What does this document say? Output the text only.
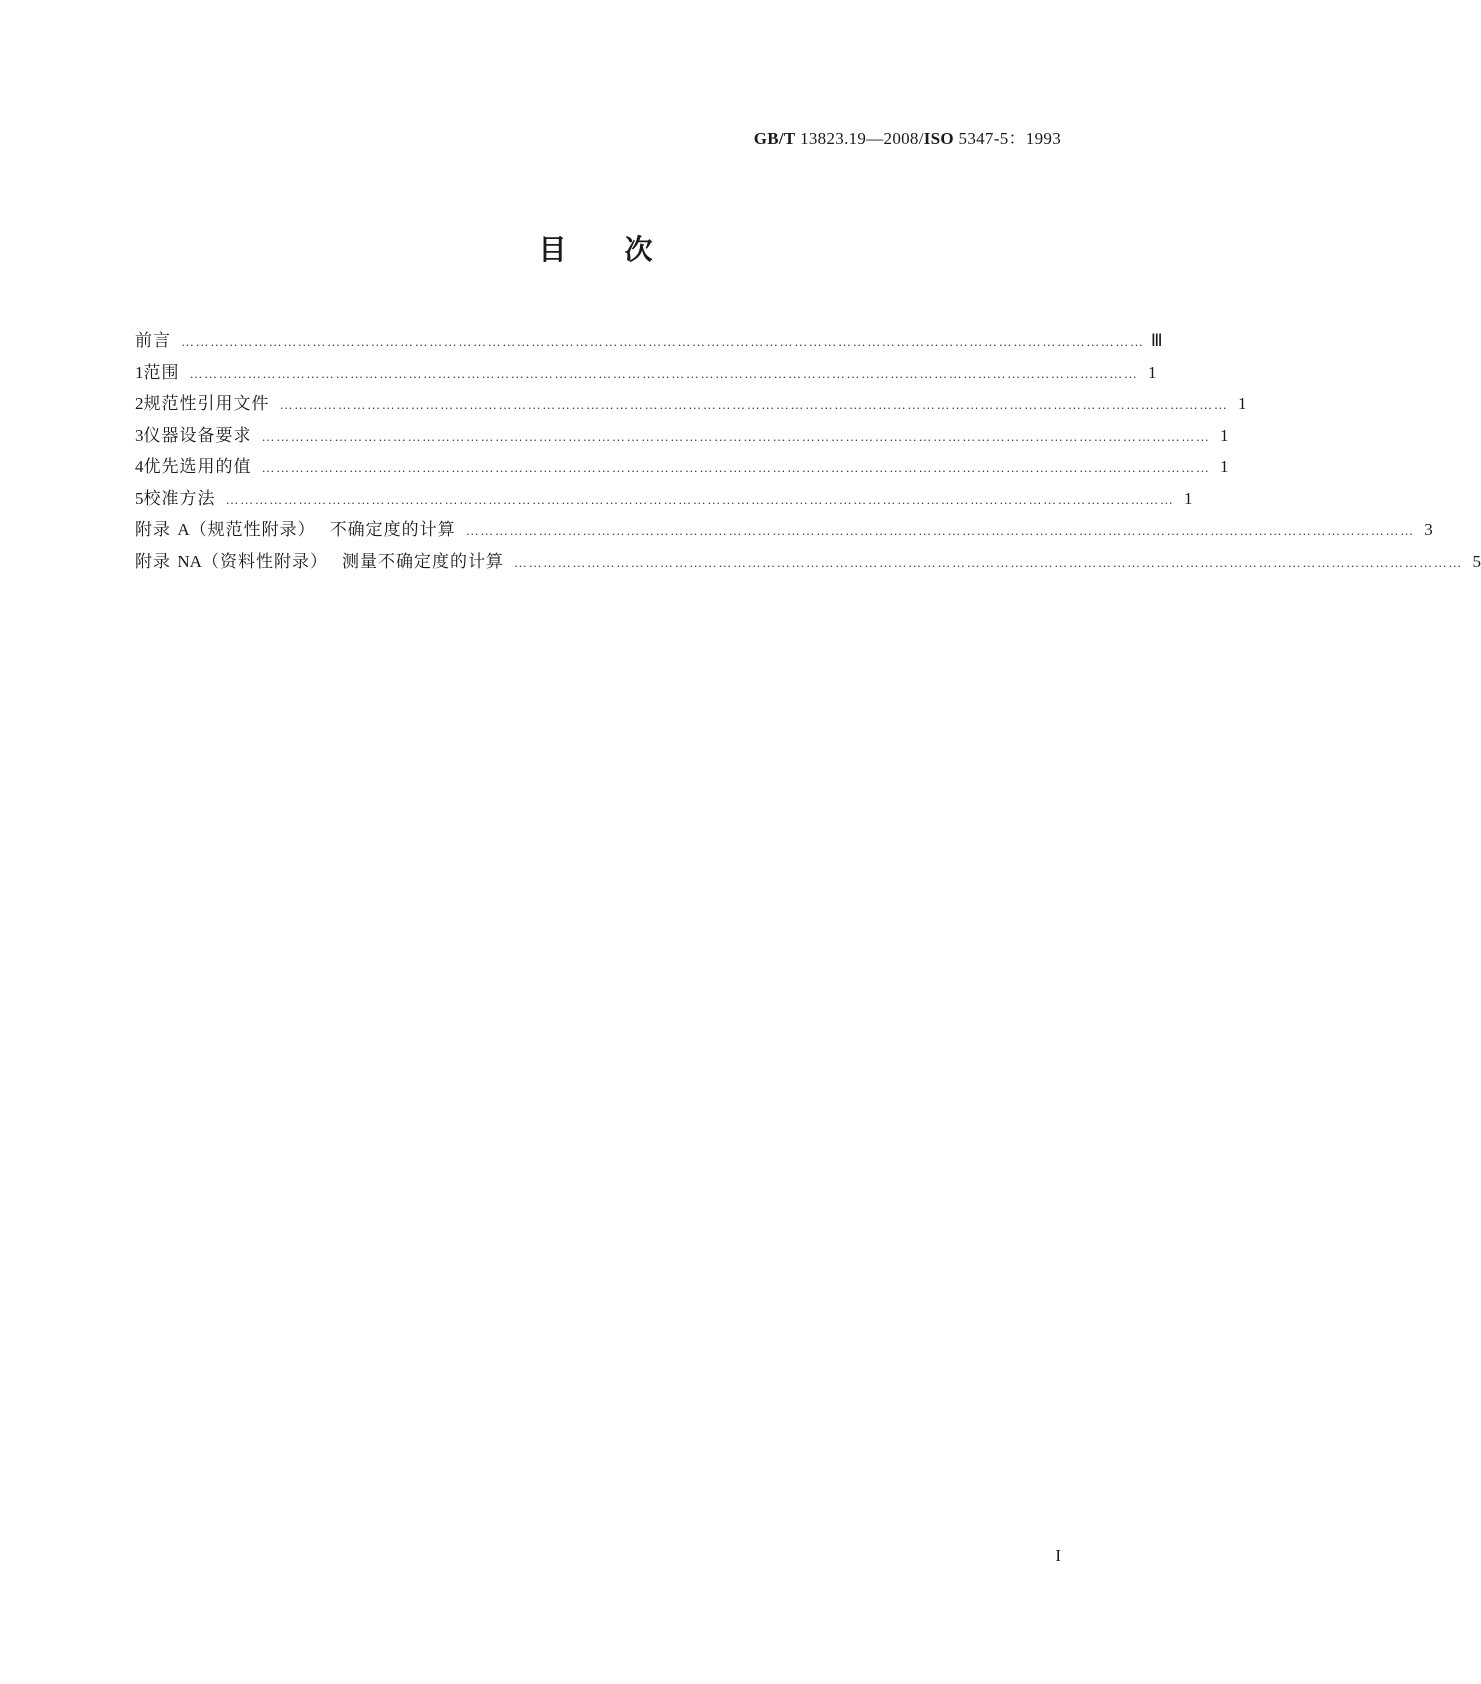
GB/T 13823.19—2008/ISO 5347-5：1993
目次
前言 ……………………………………………………………………………………………………………………………………………………………………………… Ⅲ
1 范围 …………………………………………………………………………………………………………………………………………………………………………… 1
2 规范性引用文件 …………………………………………………………………………………………………………………………………………………………………………… 1
3 仪器设备要求 …………………………………………………………………………………………………………………………………………………………………………… 1
4 优先选用的值 …………………………………………………………………………………………………………………………………………………………………………… 1
5 校准方法 …………………………………………………………………………………………………………………………………………………………………………… 1
附录 A（规范性附录） 不确定度的计算 …………………………………………………………………………………………………………………………………………………………………………… 3
附录 NA（资料性附录） 测量不确定度的计算 …………………………………………………………………………………………………………………………………………………………………………… 5
I
